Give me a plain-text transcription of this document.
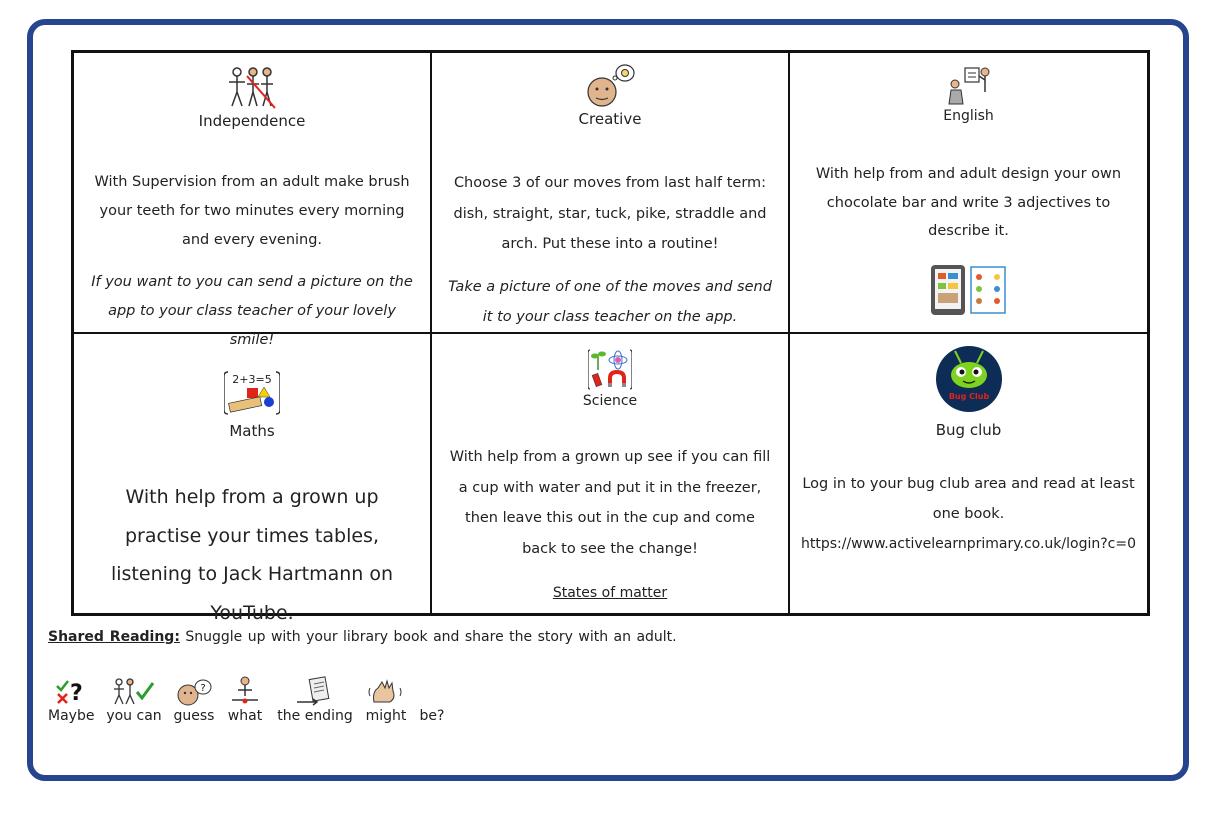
Independence

With Supervision from an adult make brush your teeth for two minutes every morning and every evening.

If you want to you can send a picture on the app to your class teacher of your lovely smile!

Creative

Choose 3 of our moves from last half term: dish, straight, star, tuck, pike, straddle and arch. Put these into a routine!

Take a picture of one of the moves and send it to your class teacher on the app.

English

With help from and adult design your own chocolate bar and write 3 adjectives to describe it.

2+3=5
Maths

With help from a grown up practise your times tables, listening to Jack Hartmann on YouTube.

Science

With help from a grown up see if you can fill a cup with water and put it in the freezer, then leave this out in the cup and come back to see the change!

States of matter

Bug Club
Bug club

Log in to your bug club area and read at least one book.

https://www.activelearnprimary.co.uk/login?c=0

Shared Reading: Snuggle up with your library book and share the story with an adult.
?
Maybe you can
?
guess what the ending might be?
